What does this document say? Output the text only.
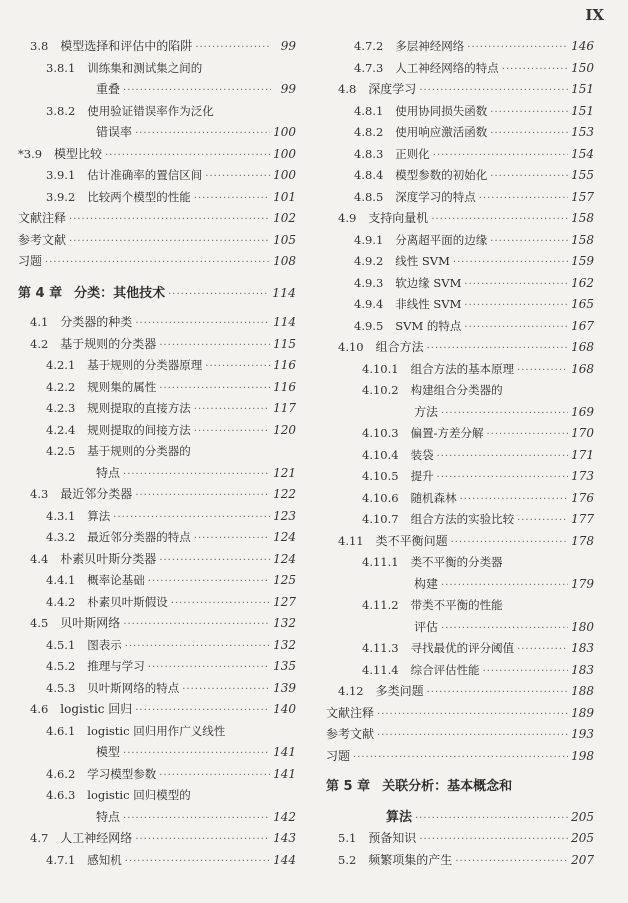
IX
3.8	模型选择和评估中的陷阱 ·····	99
3.8.1	训练集和测试集之间的
重叠 ·····	99
3.8.2	使用验证错误率作为泛化
错误率 ·····	100
*3.9	模型比较 ·····	100
3.9.1	估计准确率的置信区间 ·····	100
3.9.2	比较两个模型的性能 ·····	101
文献注释 ·····	102
参考文献 ·····	105
习题 ·····	108
第 4 章 分类：其他技术 ·····	114
4.1	分类器的种类 ·····	114
4.2	基于规则的分类器 ·····	115
4.2.1	基于规则的分类器原理 ·····	116
4.2.2	规则集的属性 ·····	116
4.2.3	规则提取的直接方法 ·····	117
4.2.4	规则提取的间接方法 ·····	120
4.2.5	基于规则的分类器的
特点 ·····	121
4.3	最近邻分类器 ·····	122
4.3.1	算法 ·····	123
4.3.2	最近邻分类器的特点 ·····	124
4.4	朴素贝叶斯分类器 ·····	124
4.4.1	概率论基础 ·····	125
4.4.2	朴素贝叶斯假设 ·····	127
4.5	贝叶斯网络 ·····	132
4.5.1	图表示 ·····	132
4.5.2	推理与学习 ·····	135
4.5.3	贝叶斯网络的特点 ·····	139
4.6	logistic 回归 ·····	140
4.6.1	logistic 回归用作广义线性
模型 ·····	141
4.6.2	学习模型参数 ·····	141
4.6.3	logistic 回归模型的
特点 ·····	142
4.7	人工神经网络 ·····	143
4.7.1	感知机 ·····	144
4.7.2	多层神经网络 ·····	146
4.7.3	人工神经网络的特点 ·····	150
4.8	深度学习 ·····	151
4.8.1	使用协同损失函数 ·····	151
4.8.2	使用响应激活函数 ·····	153
4.8.3	正则化 ·····	154
4.8.4	模型参数的初始化 ·····	155
4.8.5	深度学习的特点 ·····	157
4.9	支持向量机 ·····	158
4.9.1	分离超平面的边缘 ·····	158
4.9.2	线性 SVM ·····	159
4.9.3	软边缘 SVM ·····	162
4.9.4	非线性 SVM ·····	165
4.9.5	SVM 的特点 ·····	167
4.10	组合方法 ·····	168
4.10.1	组合方法的基本原理 ·····	168
4.10.2	构建组合分类器的
方法 ·····	169
4.10.3	偏置-方差分解 ·····	170
4.10.4	装袋 ·····	171
4.10.5	提升 ·····	173
4.10.6	随机森林 ·····	176
4.10.7	组合方法的实验比较 ·····	177
4.11	类不平衡问题 ·····	178
4.11.1	类不平衡的分类器
构建 ·····	179
4.11.2	带类不平衡的性能
评估 ·····	180
4.11.3	寻找最优的评分阈值 ·····	183
4.11.4	综合评估性能 ·····	183
4.12	多类问题 ·····	188
文献注释 ·····	189
参考文献 ·····	193
习题 ·····	198
第 5 章 关联分析：基本概念和
算法 ·····	205
5.1	预备知识 ·····	205
5.2	频繁项集的产生 ·····	207
